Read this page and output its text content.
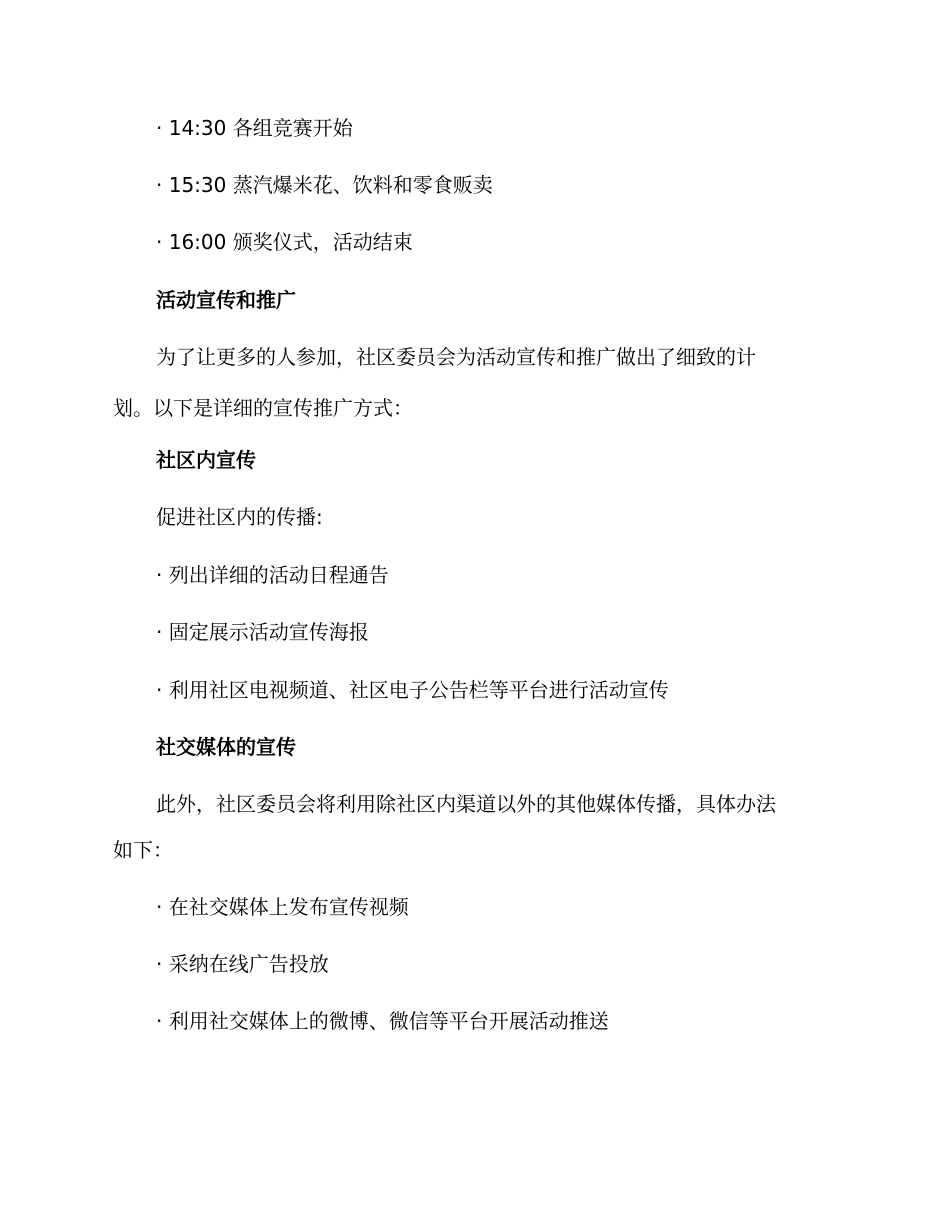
· 14:30 各组竞赛开始

· 15:30 蒸汽爆米花、饮料和零食贩卖

· 16:00 颁奖仪式，活动结束

活动宣传和推广

为了让更多的人参加，社区委员会为活动宣传和推广做出了细致的计

划。以下是详细的宣传推广方式：

社区内宣传

促进社区内的传播:

· 列出详细的活动日程通告

· 固定展示活动宣传海报

· 利用社区电视频道、社区电子公告栏等平台进行活动宣传

社交媒体的宣传

此外，社区委员会将利用除社区内渠道以外的其他媒体传播，具体办法

如下：

· 在社交媒体上发布宣传视频

· 采纳在线广告投放

· 利用社交媒体上的微博、微信等平台开展活动推送
